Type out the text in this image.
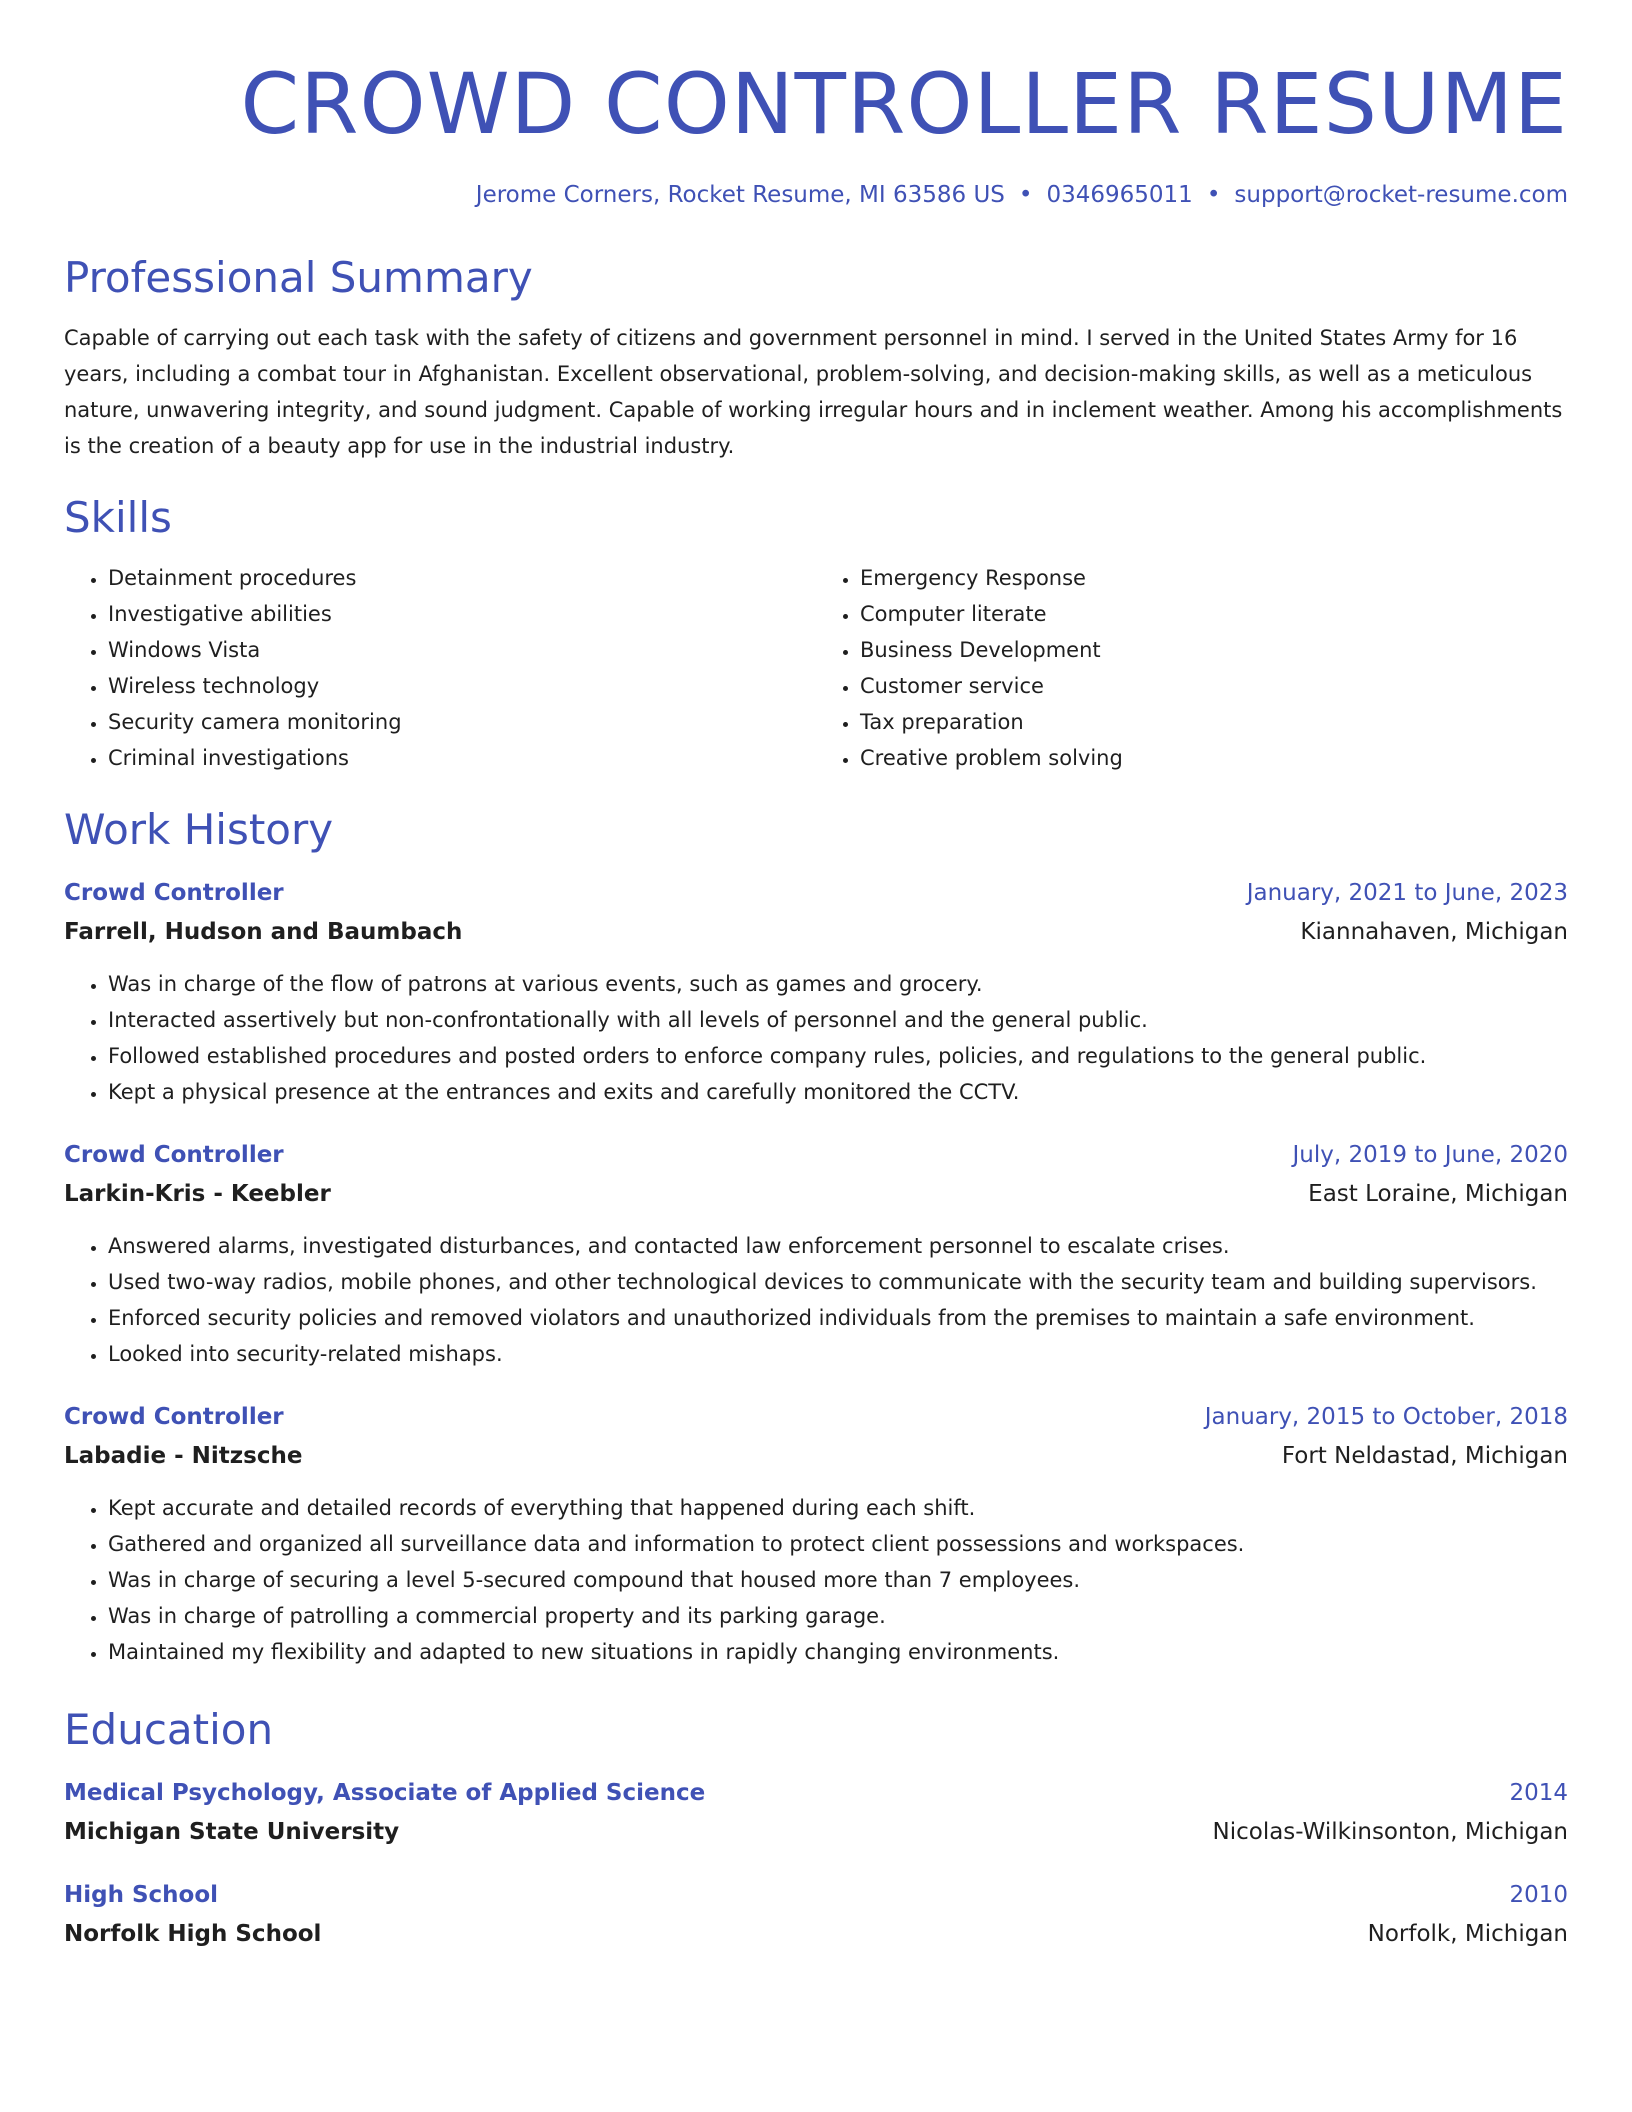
CROWD CONTROLLER RESUME
Jerome Corners, Rocket Resume, MI 63586 US • 0346965011 • support@rocket-resume.com
Professional Summary

Capable of carrying out each task with the safety of citizens and government personnel in mind. I served in the United States Army for 16 years, including a combat tour in Afghanistan. Excellent observational, problem-solving, and decision-making skills, as well as a meticulous nature, unwavering integrity, and sound judgment. Capable of working irregular hours and in inclement weather. Among his accomplishments is the creation of a beauty app for use in the industrial industry.

Skills
• Detainment procedures
• Investigative abilities
• Windows Vista
• Wireless technology
• Security camera monitoring
• Criminal investigations
• Emergency Response
• Computer literate
• Business Development
• Customer service
• Tax preparation
• Creative problem solving
Work History
Crowd Controller	January, 2021 to June, 2023
Farrell, Hudson and Baumbach	Kiannahaven, Michigan
• Was in charge of the flow of patrons at various events, such as games and grocery.
• Interacted assertively but non-confrontationally with all levels of personnel and the general public.
• Followed established procedures and posted orders to enforce company rules, policies, and regulations to the general public.
• Kept a physical presence at the entrances and exits and carefully monitored the CCTV.
Crowd Controller	July, 2019 to June, 2020
Larkin-Kris - Keebler	East Loraine, Michigan
• Answered alarms, investigated disturbances, and contacted law enforcement personnel to escalate crises.
• Used two-way radios, mobile phones, and other technological devices to communicate with the security team and building supervisors.
• Enforced security policies and removed violators and unauthorized individuals from the premises to maintain a safe environment.
• Looked into security-related mishaps.
Crowd Controller	January, 2015 to October, 2018
Labadie - Nitzsche	Fort Neldastad, Michigan
• Kept accurate and detailed records of everything that happened during each shift.
• Gathered and organized all surveillance data and information to protect client possessions and workspaces.
• Was in charge of securing a level 5-secured compound that housed more than 7 employees.
• Was in charge of patrolling a commercial property and its parking garage.
• Maintained my flexibility and adapted to new situations in rapidly changing environments.
Education
Medical Psychology, Associate of Applied Science	2014
Michigan State University	Nicolas-Wilkinsonton, Michigan
High School	2010
Norfolk High School	Norfolk, Michigan
